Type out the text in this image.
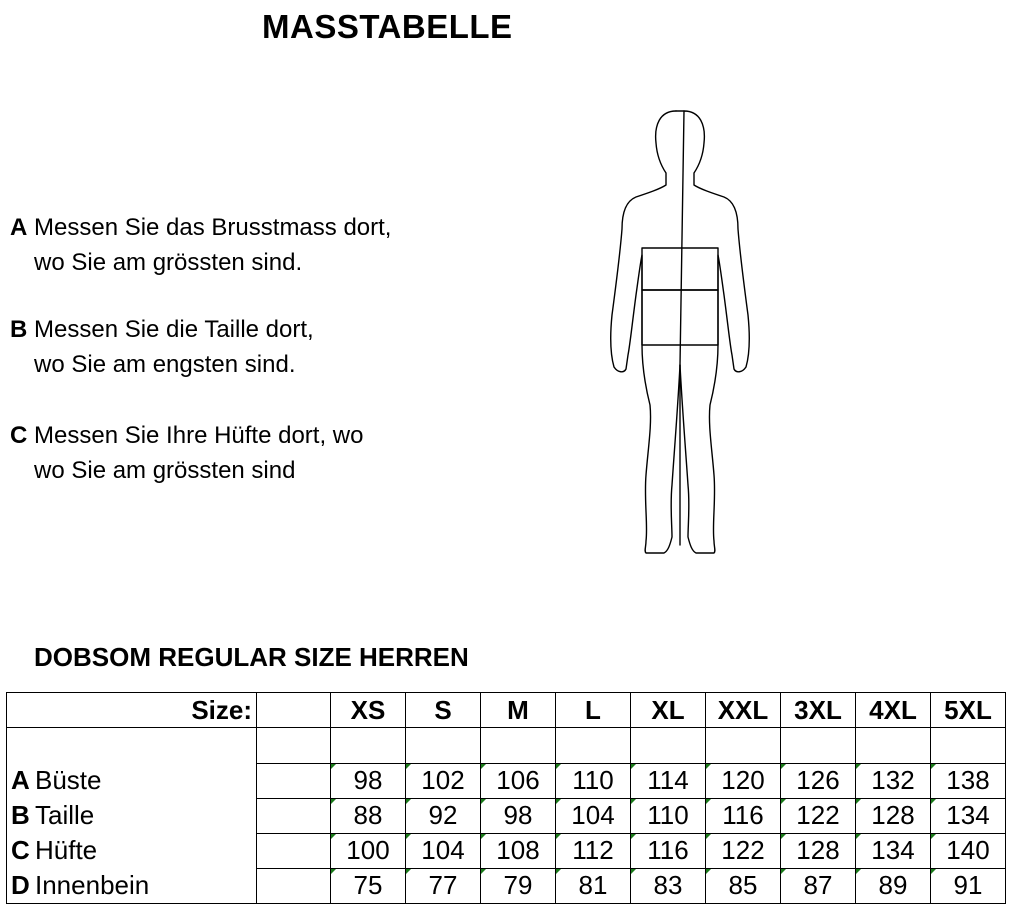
MASSTABELLE
A Messen Sie das Brusstmass dort,
wo Sie am grössten sind.
B Messen Sie die Taille dort,
wo Sie am engsten sind.
C Messen Sie Ihre Hüfte dort, wo
wo Sie am grössten sind
DOBSOM REGULAR SIZE HERREN
Size:		XS	S	M	L	XL	XXL	3XL	4XL	5XL

A Büste		98	102	106	110	114	120	126	132	138
B Taille		88	92	98	104	110	116	122	128	134
C Hüfte		100	104	108	112	116	122	128	134	140
D Innenbein		75	77	79	81	83	85	87	89	91
